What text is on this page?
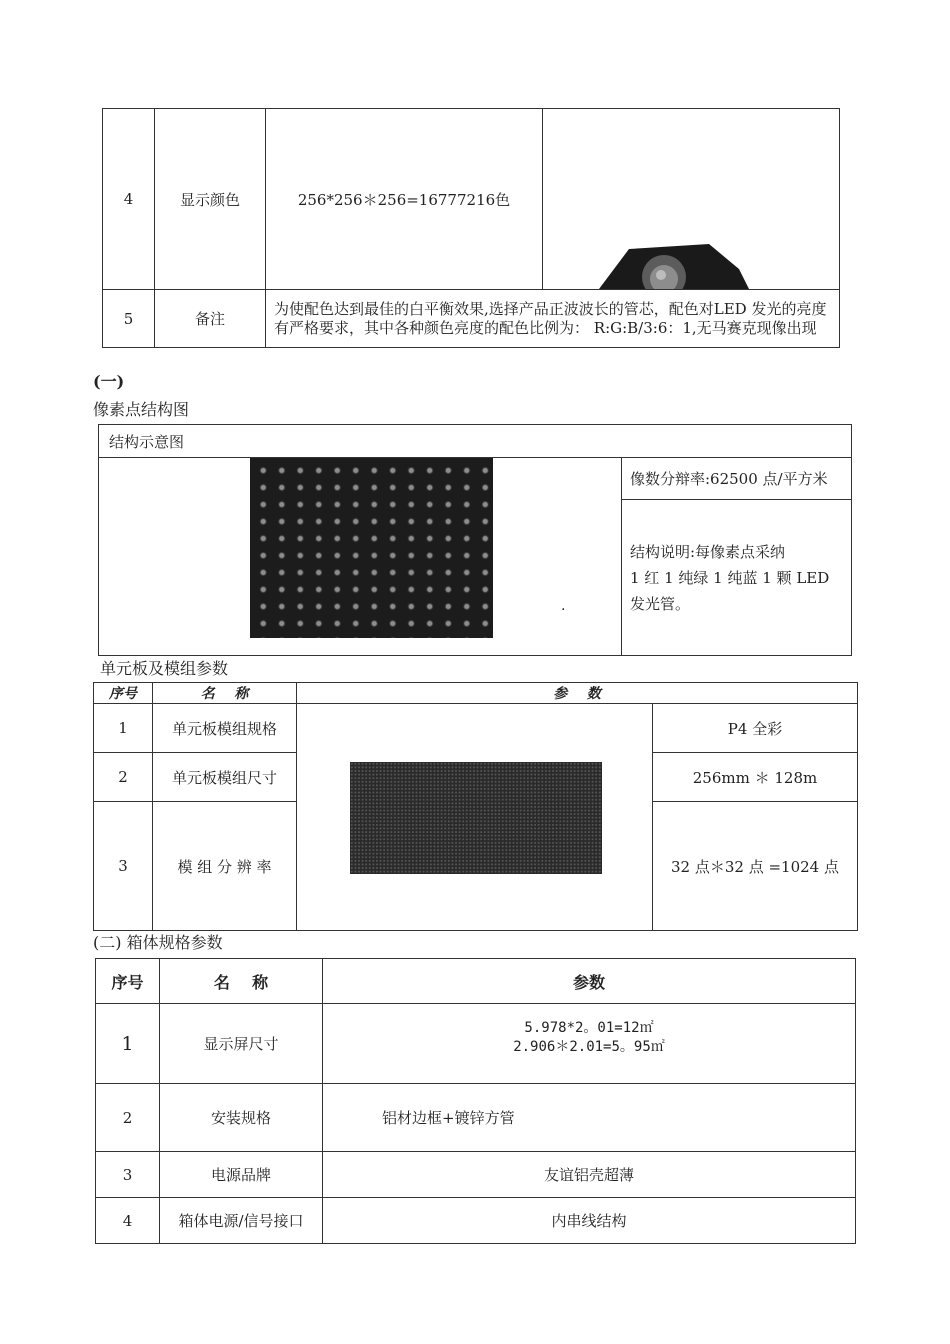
4	显示颜色	256*256＊256=16777216色	

5	备注	为使配色达到最佳的白平衡效果,选择产品正波波长的管芯，配色对LED 发光的亮度有严格要求，其中各种颜色亮度的配色比例为： R:G:B/3:6：1,无马赛克现像出现	
(一)
像素点结构图
结构示意图

.
	像数分辩率:62500 点/平方米

结构说明:每像素点采纳
1 红 1 纯绿 1 纯蓝 1 颗 LED
发光管。
单元板及模组参数
序号	名    称	参    数	
1	单元板模组规格		P4 全彩
2	单元板模组尺寸		256mm ＊ 128m
3	模 组 分 辨 率		32 点＊32 点 =1024 点
(二) 箱体规格参数
序号	名    称	参数
1	显示屏尺寸	5.978*2。01=12㎡
2.906＊2.01=5。95㎡

2	安装规格	铝材边框+镀锌方管
3	电源品牌	友谊铝壳超薄
4	箱体电源/信号接口	内串线结构
